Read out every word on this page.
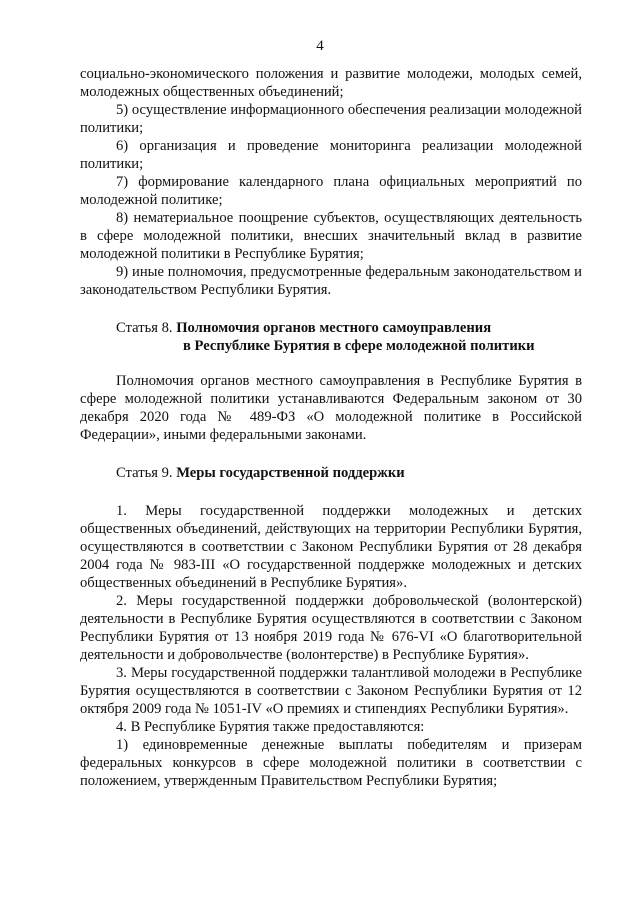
4

социально-экономического положения и развитие молодежи, молодых семей, молодежных общественных объединений;

5) осуществление информационного обеспечения реализации молодежной политики;

6) организация и проведение мониторинга реализации молодежной политики;

7) формирование календарного плана официальных мероприятий по молодежной политике;

8) нематериальное поощрение субъектов, осуществляющих деятельность в сфере молодежной политики, внесших значительный вклад в развитие молодежной политики в Республике Бурятия;

9) иные полномочия, предусмотренные федеральным законодательством и законодательством Республики Бурятия.

Статья 8. Полномочия органов местного самоуправления
в Республике Бурятия в сфере молодежной политики

Полномочия органов местного самоуправления в Республике Бурятия в сфере молодежной политики устанавливаются Федеральным законом от 30 декабря 2020 года № 489-ФЗ «О молодежной политике в Российской Федерации», иными федеральными законами.

Статья 9. Меры государственной поддержки

1. Меры государственной поддержки молодежных и детских общественных объединений, действующих на территории Республики Бурятия, осуществляются в соответствии с Законом Республики Бурятия от 28 декабря 2004 года № 983-III «О государственной поддержке молодежных и детских общественных объединений в Республике Бурятия».

2. Меры государственной поддержки добровольческой (волонтерской) деятельности в Республике Бурятия осуществляются в соответствии с Законом Республики Бурятия от 13 ноября 2019 года № 676-VI «О благотворительной деятельности и добровольчестве (волонтерстве) в Республике Бурятия».

3. Меры государственной поддержки талантливой молодежи в Республике Бурятия осуществляются в соответствии с Законом Республики Бурятия от 12 октября 2009 года № 1051-IV «О премиях и стипендиях Республики Бурятия».

4. В Республике Бурятия также предоставляются:

1) единовременные денежные выплаты победителям и призерам федеральных конкурсов в сфере молодежной политики в соответствии с положением, утвержденным Правительством Республики Бурятия;
